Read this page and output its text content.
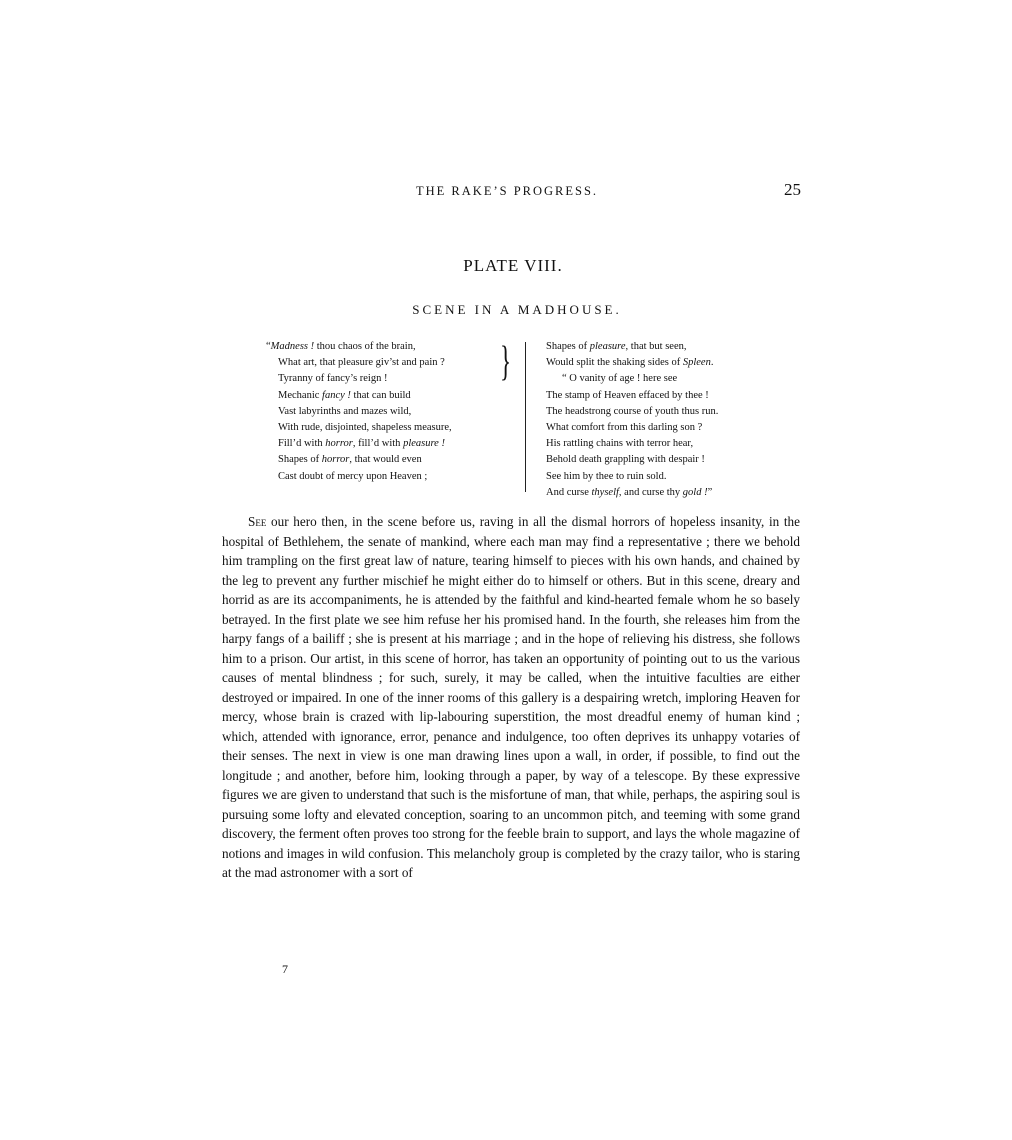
THE RAKE’S PROGRESS.	25
PLATE VIII.
SCENE IN A MADHOUSE.
“Madness ! thou chaos of the brain,
What art, that pleasure giv’st and pain ?
Tyranny of fancy’s reign !
Mechanic fancy ! that can build
Vast labyrinths and mazes wild,
With rude, disjointed, shapeless measure,
Fill’d with horror, fill’d with pleasure !
Shapes of horror, that would even
Cast doubt of mercy upon Heaven ;
}	Shapes of pleasure, that but seen,
Would split the shaking sides of Spleen.
“ O vanity of age ! here see
The stamp of Heaven effaced by thee !
The headstrong course of youth thus run.
What comfort from this darling son ?
His rattling chains with terror hear,
Behold death grappling with despair !
See him by thee to ruin sold.
And curse thyself, and curse thy gold !”

See our hero then, in the scene before us, raving in all the dismal horrors of hopeless insanity, in the hospital of Bethlehem, the senate of mankind, where each man may find a representative ; there we behold him trampling on the first great law of nature, tearing himself to pieces with his own hands, and chained by the leg to prevent any further mischief he might either do to himself or others. But in this scene, dreary and horrid as are its accompaniments, he is attended by the faithful and kind-hearted female whom he so basely betrayed. In the first plate we see him refuse her his promised hand. In the fourth, she releases him from the harpy fangs of a bailiff ; she is present at his marriage ; and in the hope of relieving his distress, she follows him to a prison. Our artist, in this scene of horror, has taken an opportunity of pointing out to us the various causes of mental blindness ; for such, surely, it may be called, when the intuitive faculties are either destroyed or impaired. In one of the inner rooms of this gallery is a despairing wretch, imploring Heaven for mercy, whose brain is crazed with lip-labouring superstition, the most dreadful enemy of human kind ; which, attended with ignorance, error, penance and indulgence, too often deprives its unhappy votaries of their senses. The next in view is one man drawing lines upon a wall, in order, if possible, to find out the longitude ; and another, before him, looking through a paper, by way of a telescope. By these expressive figures we are given to understand that such is the misfortune of man, that while, perhaps, the aspiring soul is pursuing some lofty and elevated conception, soaring to an uncommon pitch, and teeming with some grand discovery, the ferment often proves too strong for the feeble brain to support, and lays the whole magazine of notions and images in wild confusion. This melancholy group is completed by the crazy tailor, who is staring at the mad astronomer with a sort of

7
